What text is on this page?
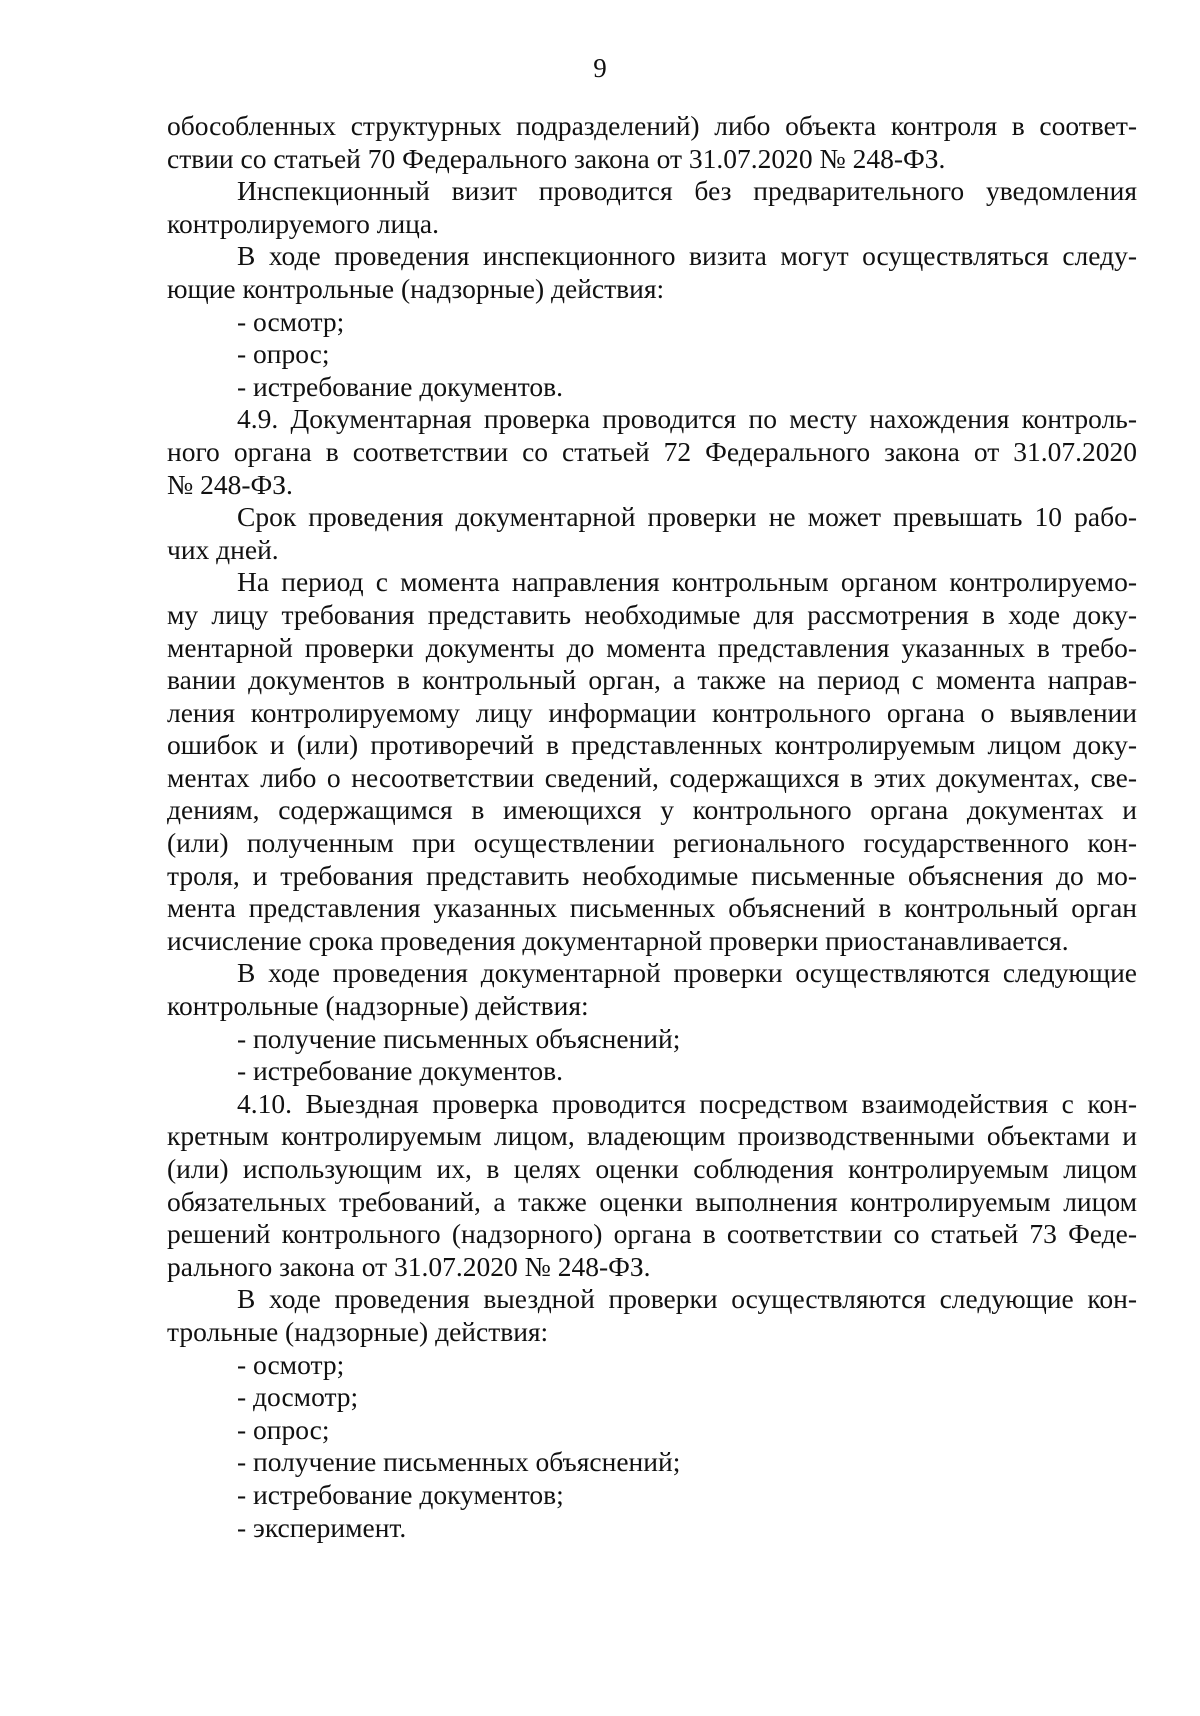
9
обособленных структурных подразделений) либо объекта контроля в соответ-
ствии со статьей 70 Федерального закона от 31.07.2020 № 248-ФЗ.
Инспекционный визит проводится без предварительного уведомления
контролируемого лица.
В ходе проведения инспекционного визита могут осуществляться следу-
ющие контрольные (надзорные) действия:
- осмотр;
- опрос;
- истребование документов.
4.9. Документарная проверка проводится по месту нахождения контроль-
ного органа в соответствии со статьей 72 Федерального закона от 31.07.2020
№ 248-ФЗ.
Срок проведения документарной проверки не может превышать 10 рабо-
чих дней.
На период с момента направления контрольным органом контролируемо-
му лицу требования представить необходимые для рассмотрения в ходе доку-
ментарной проверки документы до момента представления указанных в требо-
вании документов в контрольный орган, а также на период с момента направ-
ления контролируемому лицу информации контрольного органа о выявлении
ошибок и (или) противоречий в представленных контролируемым лицом доку-
ментах либо о несоответствии сведений, содержащихся в этих документах, све-
дениям, содержащимся в имеющихся у контрольного органа документах и
(или) полученным при осуществлении регионального государственного кон-
троля, и требования представить необходимые письменные объяснения до мо-
мента представления указанных письменных объяснений в контрольный орган
исчисление срока проведения документарной проверки приостанавливается.
В ходе проведения документарной проверки осуществляются следующие
контрольные (надзорные) действия:
- получение письменных объяснений;
- истребование документов.
4.10. Выездная проверка проводится посредством взаимодействия с кон-
кретным контролируемым лицом, владеющим производственными объектами и
(или) использующим их, в целях оценки соблюдения контролируемым лицом
обязательных требований, а также оценки выполнения контролируемым лицом
решений контрольного (надзорного) органа в соответствии со статьей 73 Феде-
рального закона от 31.07.2020 № 248-ФЗ.
В ходе проведения выездной проверки осуществляются следующие кон-
трольные (надзорные) действия:
- осмотр;
- досмотр;
- опрос;
- получение письменных объяснений;
- истребование документов;
- эксперимент.
